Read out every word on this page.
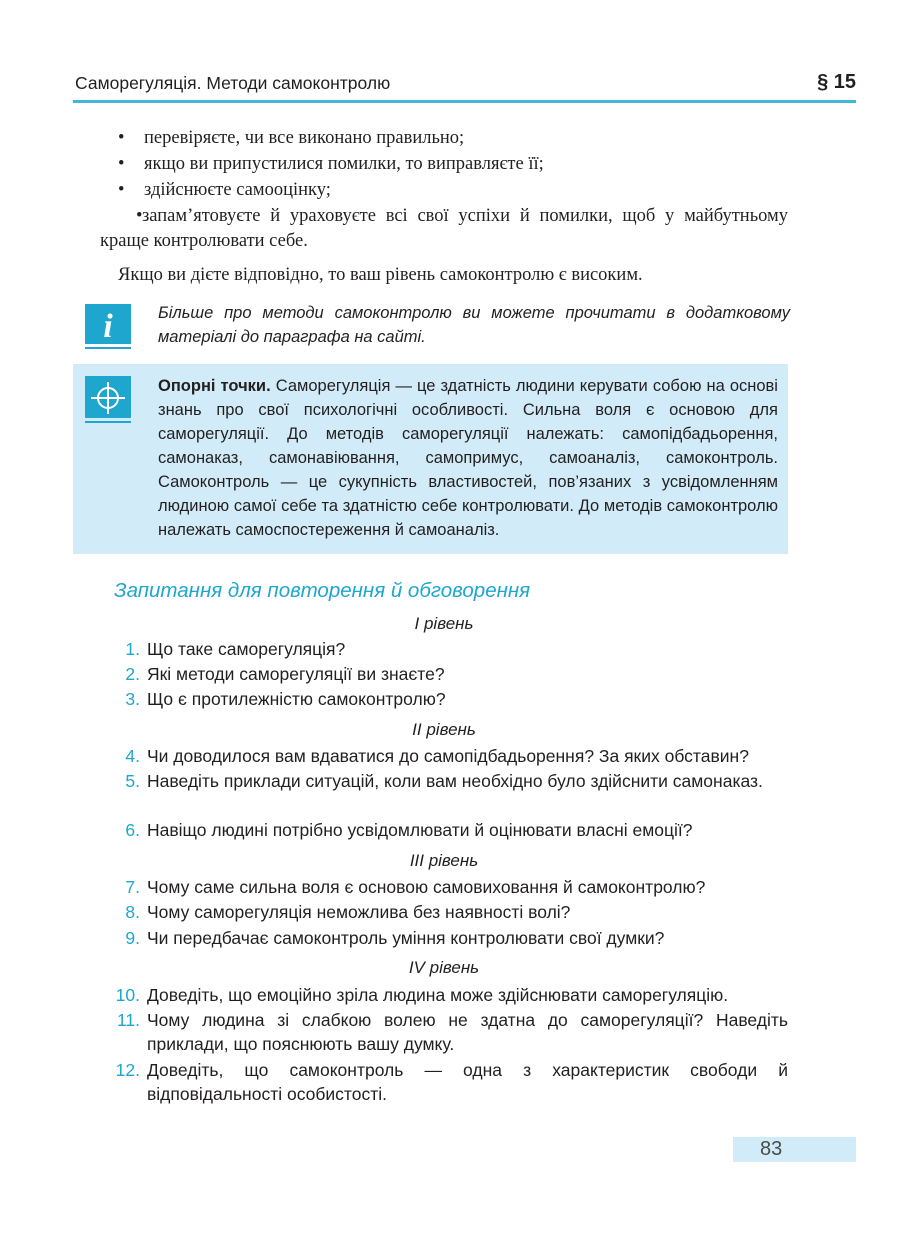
Саморегуляція. Методи самоконтролю	§ 15
• перевіряєте, чи все виконано правильно;
• якщо ви припустилися помилки, то виправляєте її;
• здійснюєте самооцінку;
•запам’ятовуєте й ураховуєте всі свої успіхи й помилки, щоб у майбутньому краще контролювати себе.
Якщо ви дієте відповідно, то ваш рівень самоконтролю є високим.
i	Більше про методи самоконтролю ви можете прочитати в додатковому матеріалі до параграфа на сайті.
Опорні точки. Саморегуляція — це здатність людини керувати собою на основі знань про свої психологічні особливості. Сильна воля є основою для саморегуляції. До методів саморегуляції належать: самопідбадьорення, самонаказ, самонавіювання, самопримус, самоаналіз, самоконтроль. Самоконтроль — це сукупність властивостей, пов’язаних з усвідомленням людиною самої себе та здатністю себе контролювати. До методів самоконтролю належать самоспостереження й самоаналіз.
Запитання для повторення й обговорення
I рівень
1. Що таке саморегуляція?
2. Які методи саморегуляції ви знаєте?
3. Що є протилежністю самоконтролю?
II рівень
4. Чи доводилося вам вдаватися до самопідбадьорення? За яких обставин?
5. Наведіть приклади ситуацій, коли вам необхідно було здійснити самонаказ.
6. Навіщо людині потрібно усвідомлювати й оцінювати власні емоції?
III рівень
7. Чому саме сильна воля є основою самовиховання й самоконтролю?
8. Чому саморегуляція неможлива без наявності волі?
9. Чи передбачає самоконтроль уміння контролювати свої думки?
IV рівень
10. Доведіть, що емоційно зріла людина може здійснювати саморегуляцію.
11. Чому людина зі слабкою волею не здатна до саморегуляції? Наведіть приклади, що пояснюють вашу думку.
12. Доведіть, що самоконтроль — одна з характеристик свободи й відповідальності особистості.
83
